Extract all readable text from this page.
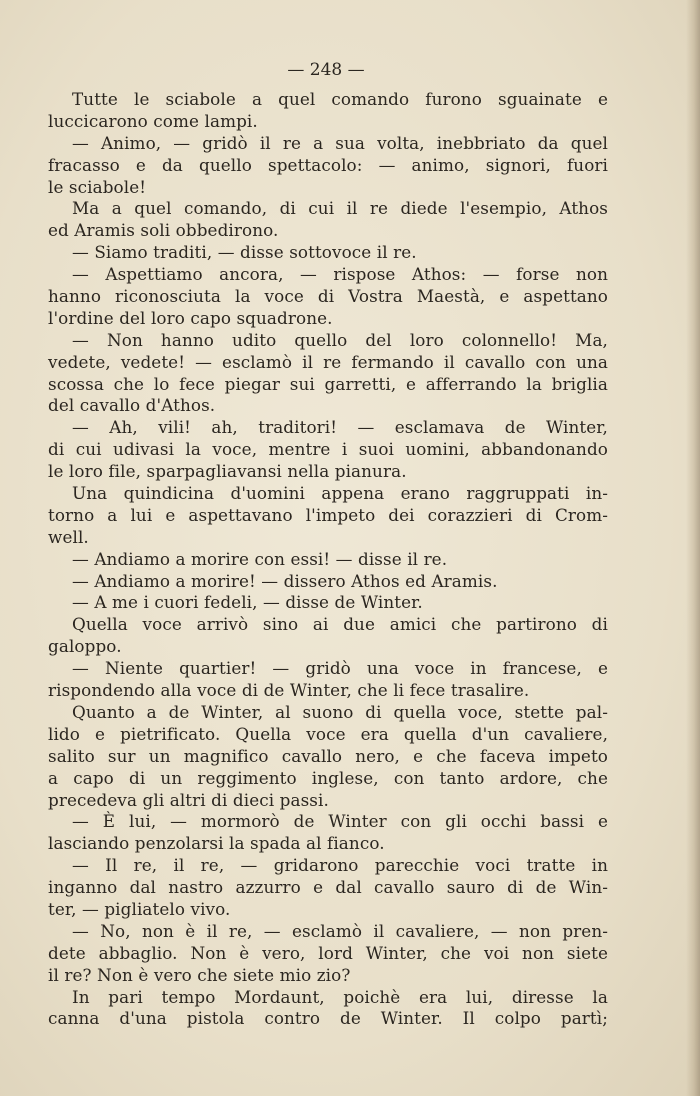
— 248 —
Tutte le sciabole a quel comando furono sguainate e
luccicarono come lampi.
— Animo, — gridò il re a sua volta, inebbriato da quel
fracasso e da quello spettacolo: — animo, signori, fuori
le sciabole!
Ma a quel comando, di cui il re diede l'esempio, Athos
ed Aramis soli obbedirono.
— Siamo traditi, — disse sottovoce il re.
— Aspettiamo ancora, — rispose Athos: — forse non
hanno riconosciuta la voce di Vostra Maestà, e aspettano
l'ordine del loro capo squadrone.
— Non hanno udito quello del loro colonnello! Ma,
vedete, vedete! — esclamò il re fermando il cavallo con una
scossa che lo fece piegar sui garretti, e afferrando la briglia
del cavallo d'Athos.
— Ah, vili! ah, traditori! — esclamava de Winter,
di cui udivasi la voce, mentre i suoi uomini, abbandonando
le loro file, sparpagliavansi nella pianura.
Una quindicina d'uomini appena erano raggruppati in-
torno a lui e aspettavano l'impeto dei corazzieri di Crom-
well.
— Andiamo a morire con essi! — disse il re.
— Andiamo a morire! — dissero Athos ed Aramis.
— A me i cuori fedeli, — disse de Winter.
Quella voce arrivò sino ai due amici che partirono di
galoppo.
— Niente quartier! — gridò una voce in francese, e
rispondendo alla voce di de Winter, che li fece trasalire.
Quanto a de Winter, al suono di quella voce, stette pal-
lido e pietrificato. Quella voce era quella d'un cavaliere,
salito sur un magnifico cavallo nero, e che faceva impeto
a capo di un reggimento inglese, con tanto ardore, che
precedeva gli altri di dieci passi.
— È lui, — mormorò de Winter con gli occhi bassi e
lasciando penzolarsi la spada al fianco.
— Il re, il re, — gridarono parecchie voci tratte in
inganno dal nastro azzurro e dal cavallo sauro di de Win-
ter, — pigliatelo vivo.
— No, non è il re, — esclamò il cavaliere, — non pren-
dete abbaglio. Non è vero, lord Winter, che voi non siete
il re? Non è vero che siete mio zio?
In pari tempo Mordaunt, poichè era lui, diresse la
canna d'una pistola contro de Winter. Il colpo partì;
